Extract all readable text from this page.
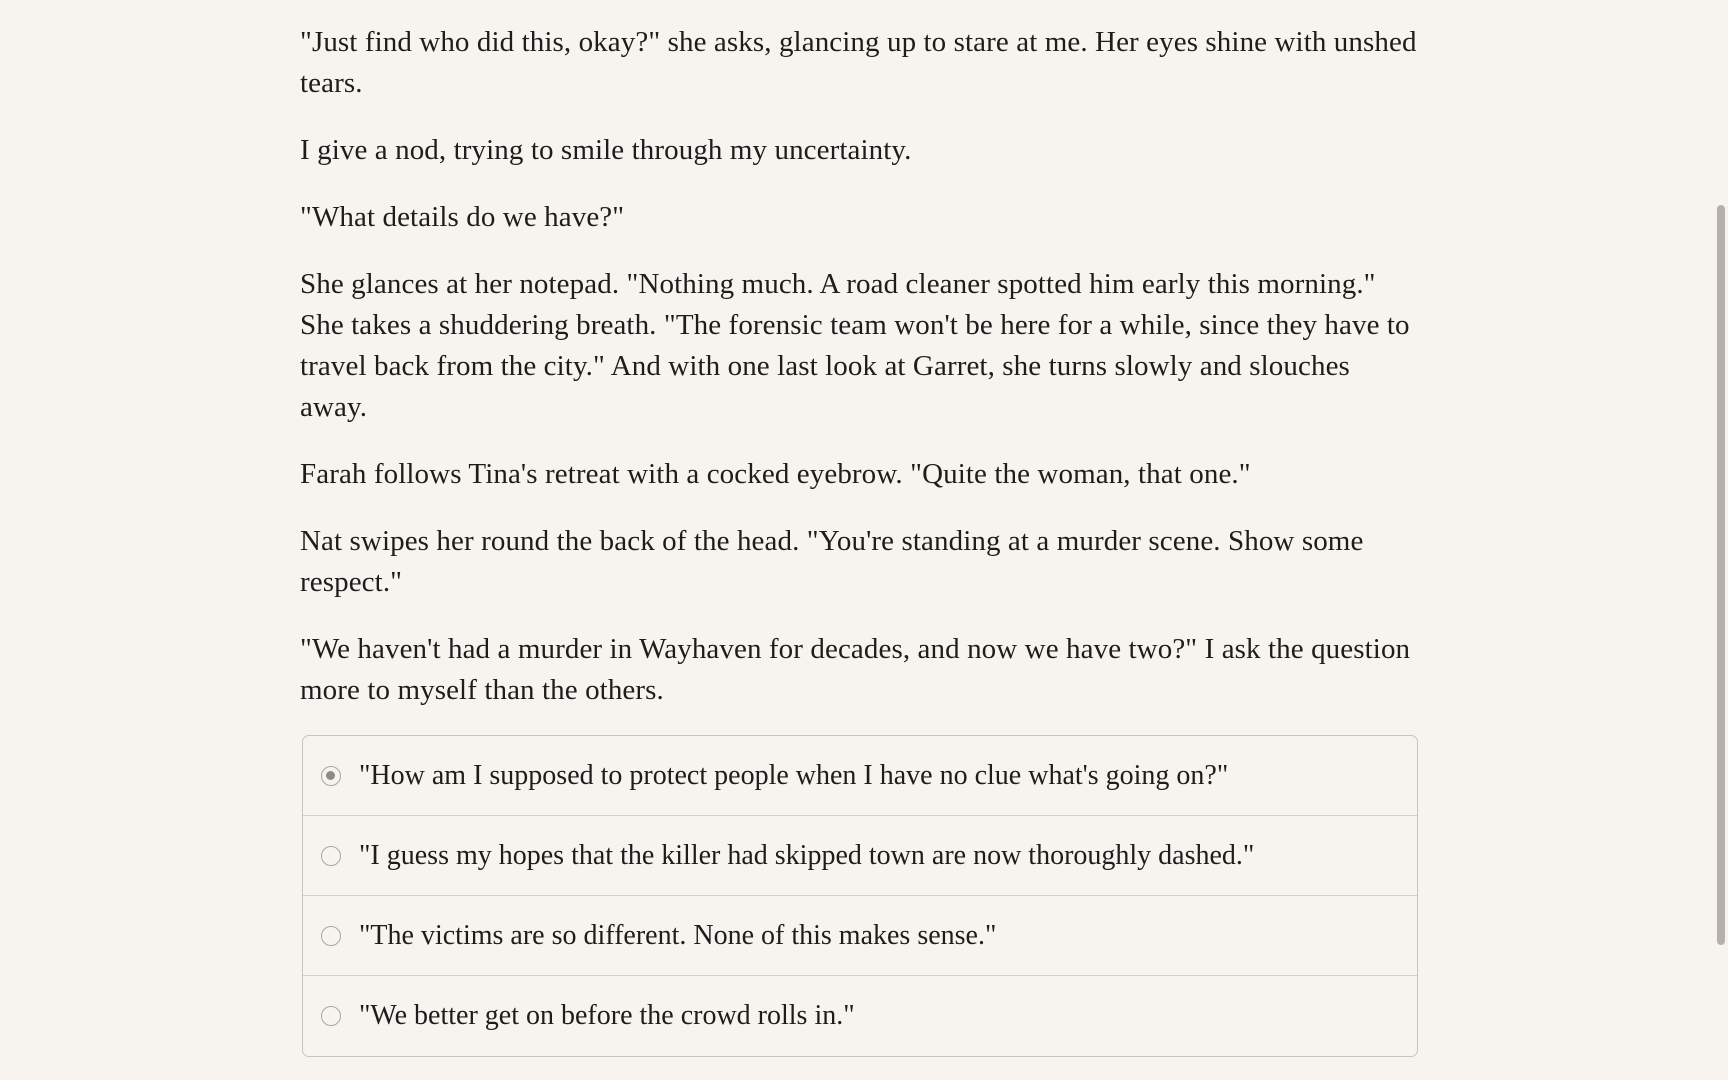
"Just find who did this, okay?" she asks, glancing up to stare at me. Her eyes shine with unshed tears.

I give a nod, trying to smile through my uncertainty.

"What details do we have?"

She glances at her notepad. "Nothing much. A road cleaner spotted him early this morning." She takes a shuddering breath. "The forensic team won't be here for a while, since they have to travel back from the city." And with one last look at Garret, she turns slowly and slouches away.

Farah follows Tina's retreat with a cocked eyebrow. "Quite the woman, that one."

Nat swipes her round the back of the head. "You're standing at a murder scene. Show some respect."

"We haven't had a murder in Wayhaven for decades, and now we have two?" I ask the question more to myself than the others.

"How am I supposed to protect people when I have no clue what's going on?"
"I guess my hopes that the killer had skipped town are now thoroughly dashed."
"The victims are so different. None of this makes sense."
"We better get on before the crowd rolls in."
